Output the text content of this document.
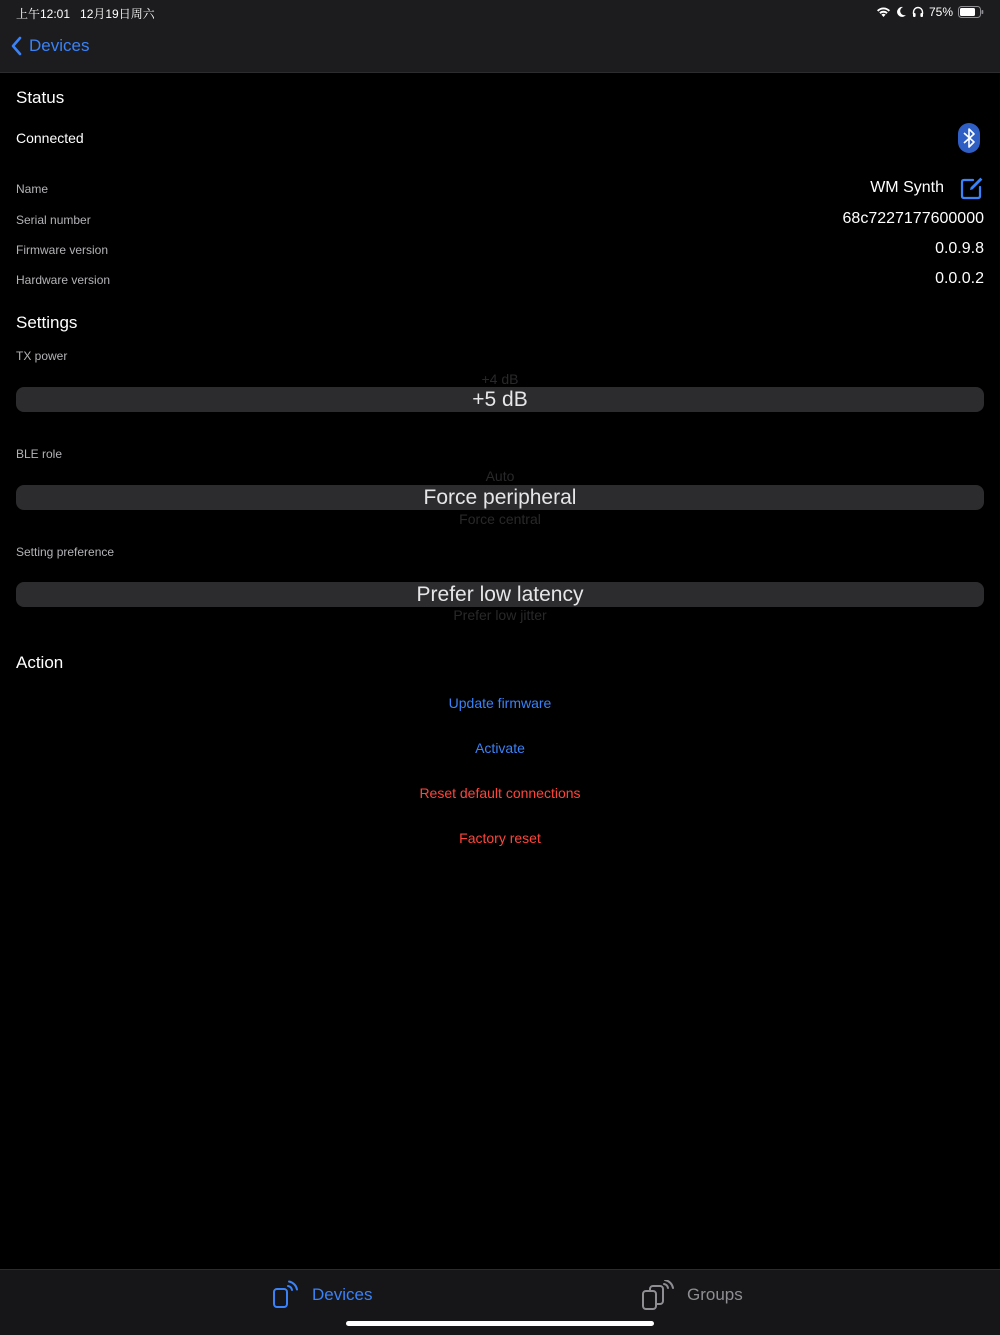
上午12:01   12月19日周六	75%
Devices
Status
Connected
Name	WM Synth
Serial number	68c7227177600000
Firmware version	0.0.9.8
Hardware version	0.0.0.2
Settings
TX power
+4 dB
+5 dB
BLE role
Auto
Force peripheral
Force central
Setting preference
Prefer low latency
Prefer low jitter
Action
Update firmware
Activate
Reset default connections
Factory reset
Devices	Groups
